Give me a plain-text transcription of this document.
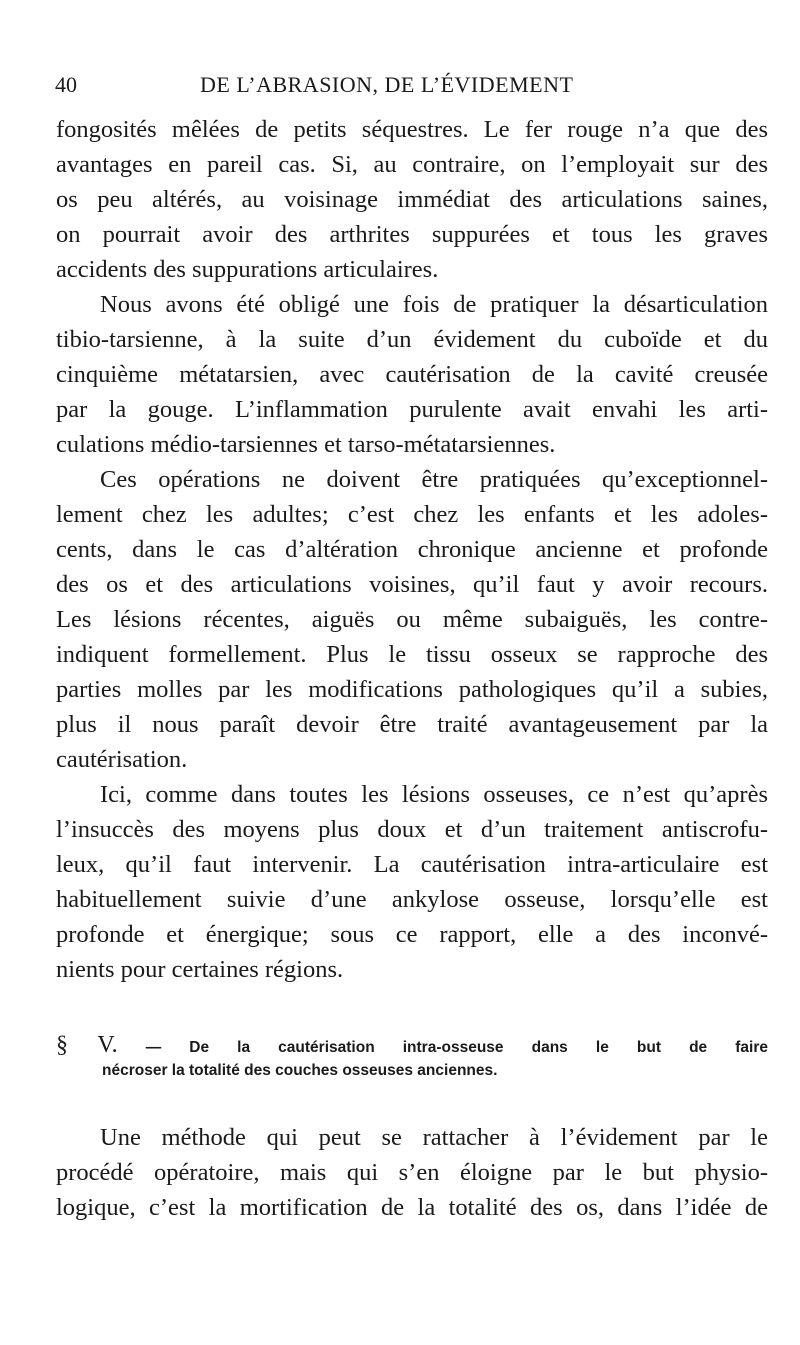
40	DE L’ABRASION, DE L’ÉVIDEMENT
fongosités mêlées de petits séquestres. Le fer rouge n’a que des
avantages en pareil cas. Si, au contraire, on l’employait sur des
os peu altérés, au voisinage immédiat des articulations saines,
on pourrait avoir des arthrites suppurées et tous les graves
accidents des suppurations articulaires.
Nous avons été obligé une fois de pratiquer la désarticulation
tibio-tarsienne, à la suite d’un évidement du cuboïde et du
cinquième métatarsien, avec cautérisation de la cavité creusée
par la gouge. L’inflammation purulente avait envahi les arti-
culations médio-tarsiennes et tarso-métatarsiennes.
Ces opérations ne doivent être pratiquées qu’exceptionnel-
lement chez les adultes; c’est chez les enfants et les adoles-
cents, dans le cas d’altération chronique ancienne et profonde
des os et des articulations voisines, qu’il faut y avoir recours.
Les lésions récentes, aiguës ou même subaiguës, les contre-
indiquent formellement. Plus le tissu osseux se rapproche des
parties molles par les modifications pathologiques qu’il a subies,
plus il nous paraît devoir être traité avantageusement par la
cautérisation.
Ici, comme dans toutes les lésions osseuses, ce n’est qu’après
l’insuccès des moyens plus doux et d’un traitement antiscrofu-
leux, qu’il faut intervenir. La cautérisation intra-articulaire est
habituellement suivie d’une ankylose osseuse, lorsqu’elle est
profonde et énergique; sous ce rapport, elle a des inconvé-
nients pour certaines régions.
§ V. — De la cautérisation intra-osseuse dans le but de faire
nécroser la totalité des couches osseuses anciennes.
Une méthode qui peut se rattacher à l’évidement par le
procédé opératoire, mais qui s’en éloigne par le but physio-
logique, c’est la mortification de la totalité des os, dans l’idée de
